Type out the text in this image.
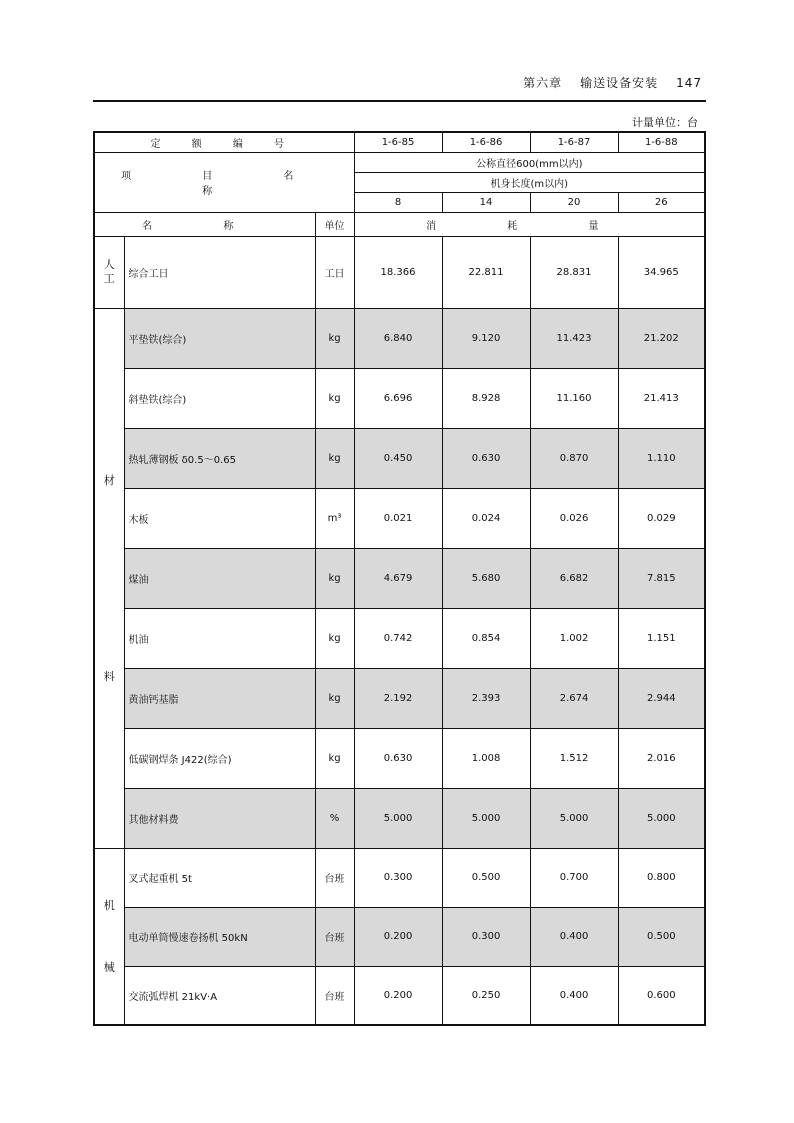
第六章 输送设备安装 147
计量单位：台
定 额 编 号			1-6-85	1-6-86	1-6-87	1-6-88
项 目 名 称			公称直径600(mm以内)			
			机身长度(m以内)			
			8	14	20	26
名 称		单位	消 耗 量			

人工	综合工日	工日	18.366	22.811	28.831	34.965

材
料	平垫铁(综合)	kg	6.840	9.120	11.423	21.202
	斜垫铁(综合)	kg	6.696	8.928	11.160	21.413
	热轧薄钢板 δ0.5～0.65	kg	0.450	0.630	0.870	1.110
	木板	m³	0.021	0.024	0.026	0.029
	煤油	kg	4.679	5.680	6.682	7.815
	机油	kg	0.742	0.854	1.002	1.151
	黄油钙基脂	kg	2.192	2.393	2.674	2.944
	低碳钢焊条 J422(综合)	kg	0.630	1.008	1.512	2.016
	其他材料费	%	5.000	5.000	5.000	5.000

机
械	叉式起重机 5t	台班	0.300	0.500	0.700	0.800
	电动单筒慢速卷扬机 50kN	台班	0.200	0.300	0.400	0.500
	交流弧焊机 21kV·A	台班	0.200	0.250	0.400	0.600
